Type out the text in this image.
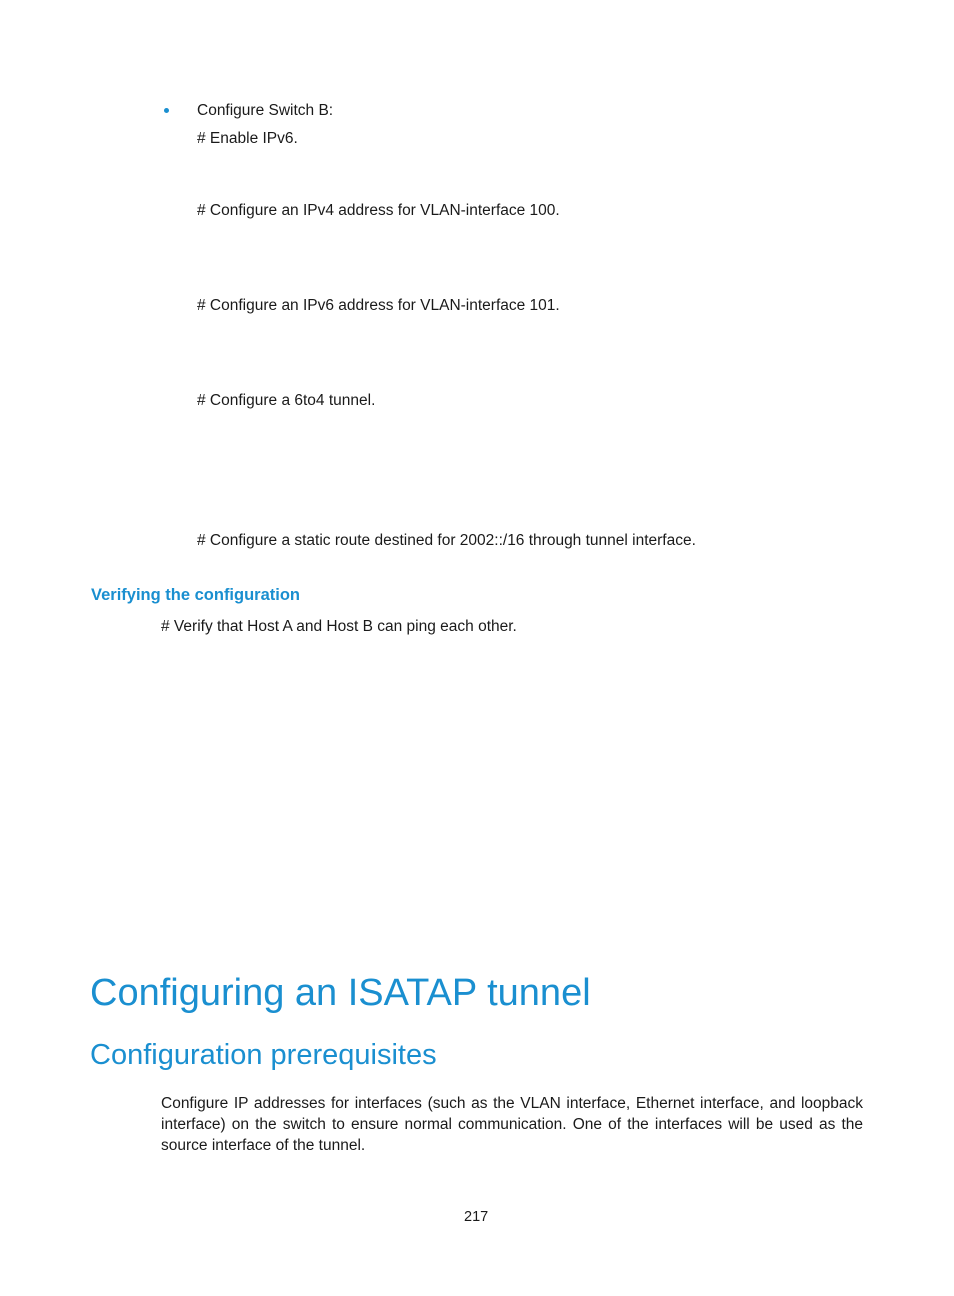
Configure Switch B:
# Enable IPv6.
# Configure an IPv4 address for VLAN-interface 100.
# Configure an IPv6 address for VLAN-interface 101.
# Configure a 6to4 tunnel.
# Configure a static route destined for 2002::/16 through tunnel interface.
Verifying the configuration
# Verify that Host A and Host B can ping each other.
Configuring an ISATAP tunnel
Configuration prerequisites
Configure IP addresses for interfaces (such as the VLAN interface, Ethernet interface, and loopback interface) on the switch to ensure normal communication. One of the interfaces will be used as the source interface of the tunnel.
217
